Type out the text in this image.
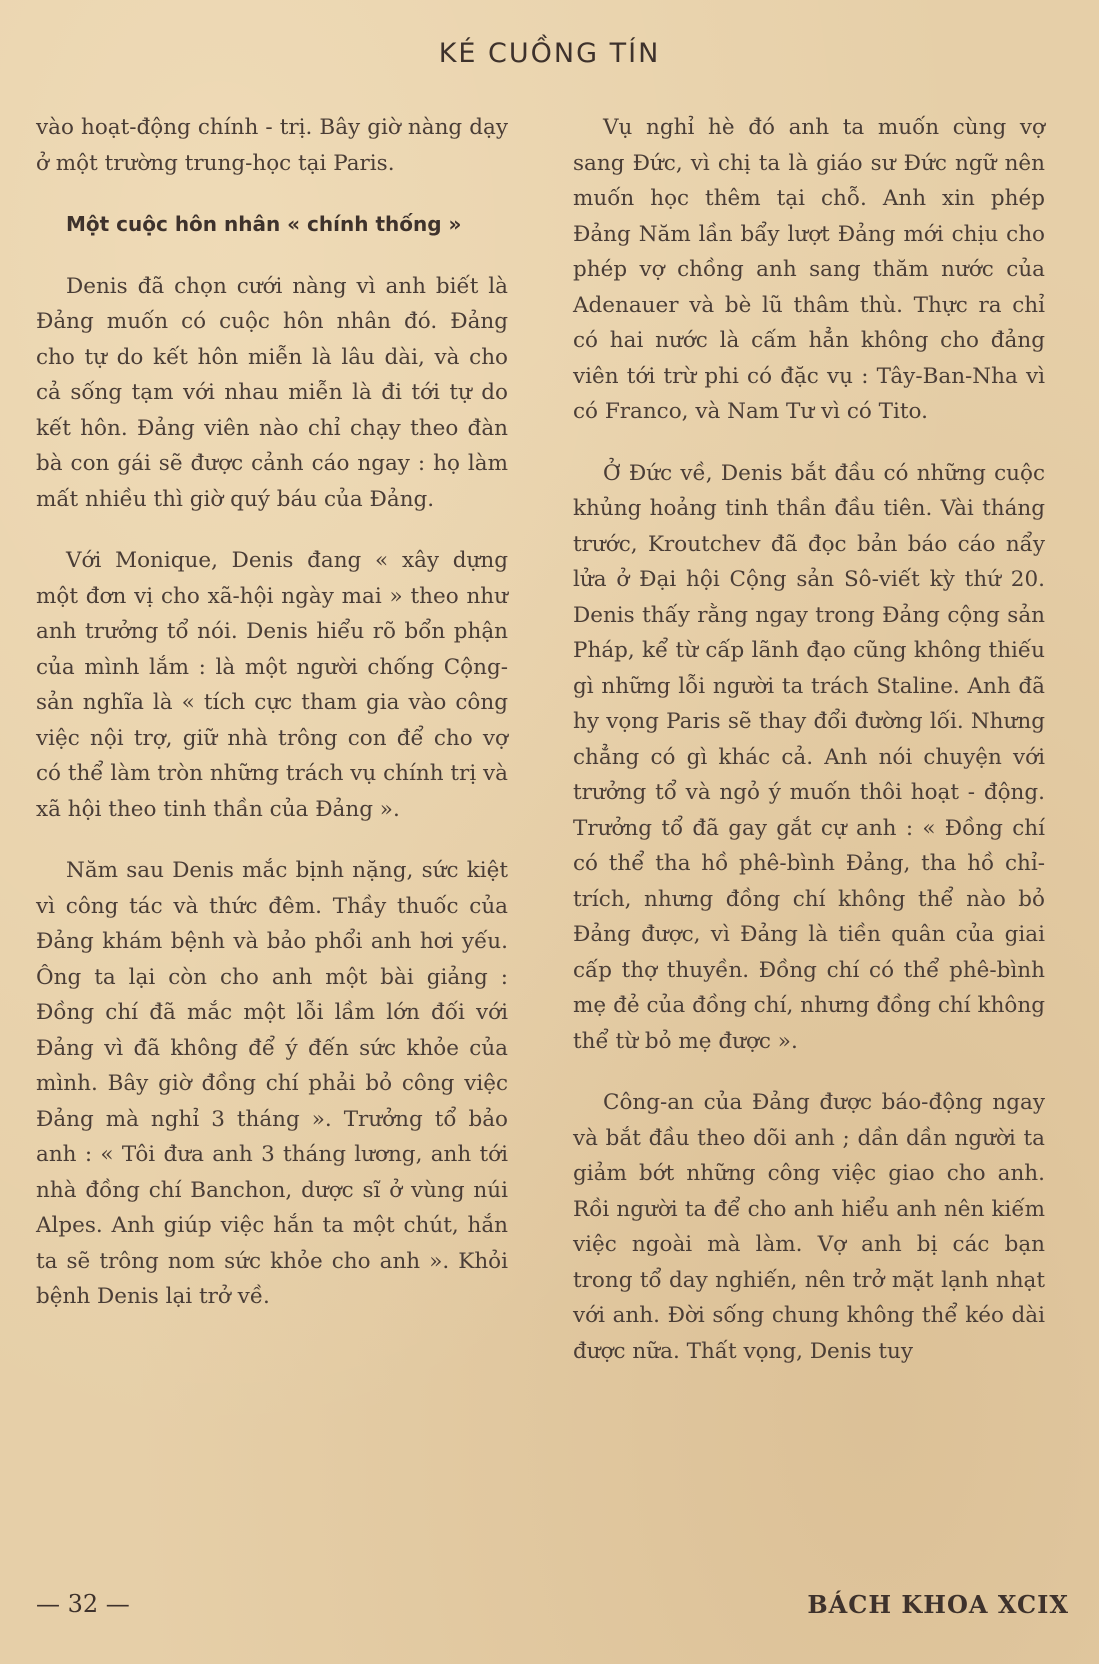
KÉ CUỒNG TÍN

vào hoạt-động chính - trị. Bây giờ nàng dạy ở một trường trung-học tại Paris.

Một cuộc hôn nhân « chính thống »

Denis đã chọn cưới nàng vì anh biết là Đảng muốn có cuộc hôn nhân đó. Đảng cho tự do kết hôn miễn là lâu dài, và cho cả sống tạm với nhau miễn là đi tới tự do kết hôn. Đảng viên nào chỉ chạy theo đàn bà con gái sẽ được cảnh cáo ngay : họ làm mất nhiều thì giờ quý báu của Đảng.

Với Monique, Denis đang « xây dựng một đơn vị cho xã-hội ngày mai » theo như anh trưởng tổ nói. Denis hiểu rõ bổn phận của mình lắm : là một người chống Cộng-sản nghĩa là « tích cực tham gia vào công việc nội trợ, giữ nhà trông con để cho vợ có thể làm tròn những trách vụ chính trị và xã hội theo tinh thần của Đảng ».

Năm sau Denis mắc bịnh nặng, sức kiệt vì công tác và thức đêm. Thầy thuốc của Đảng khám bệnh và bảo phổi anh hơi yếu. Ông ta lại còn cho anh một bài giảng : Đồng chí đã mắc một lỗi lầm lớn đối với Đảng vì đã không để ý đến sức khỏe của mình. Bây giờ đồng chí phải bỏ công việc Đảng mà nghỉ 3 tháng ». Trưởng tổ bảo anh : « Tôi đưa anh 3 tháng lương, anh tới nhà đồng chí Banchon, dược sĩ ở vùng núi Alpes. Anh giúp việc hắn ta một chút, hắn ta sẽ trông nom sức khỏe cho anh ». Khỏi bệnh Denis lại trở về.

Vụ nghỉ hè đó anh ta muốn cùng vợ sang Đức, vì chị ta là giáo sư Đức ngữ nên muốn học thêm tại chỗ. Anh xin phép Đảng Năm lần bẩy lượt Đảng mới chịu cho phép vợ chồng anh sang thăm nước của Adenauer và bè lũ thâm thù. Thực ra chỉ có hai nước là cấm hẳn không cho đảng viên tới trừ phi có đặc vụ : Tây-Ban-Nha vì có Franco, và Nam Tư vì có Tito.

Ở Đức về, Denis bắt đầu có những cuộc khủng hoảng tinh thần đầu tiên. Vài tháng trước, Kroutchev đã đọc bản báo cáo nẩy lửa ở Đại hội Cộng sản Sô-viết kỳ thứ 20. Denis thấy rằng ngay trong Đảng cộng sản Pháp, kể từ cấp lãnh đạo cũng không thiếu gì những lỗi người ta trách Staline. Anh đã hy vọng Paris sẽ thay đổi đường lối. Nhưng chẳng có gì khác cả. Anh nói chuyện với trưởng tổ và ngỏ ý muốn thôi hoạt - động. Trưởng tổ đã gay gắt cự anh : « Đồng chí có thể tha hồ phê-bình Đảng, tha hồ chỉ-trích, nhưng đồng chí không thể nào bỏ Đảng được, vì Đảng là tiền quân của giai cấp thợ thuyền. Đồng chí có thể phê-bình mẹ đẻ của đồng chí, nhưng đồng chí không thể từ bỏ mẹ được ».

Công-an của Đảng được báo-động ngay và bắt đầu theo dõi anh ; dần dần người ta giảm bớt những công việc giao cho anh. Rồi người ta để cho anh hiểu anh nên kiếm việc ngoài mà làm. Vợ anh bị các bạn trong tổ day nghiến, nên trở mặt lạnh nhạt với anh. Đời sống chung không thể kéo dài được nữa. Thất vọng, Denis tuy

— 32 —	BÁCH KHOA XCIX
